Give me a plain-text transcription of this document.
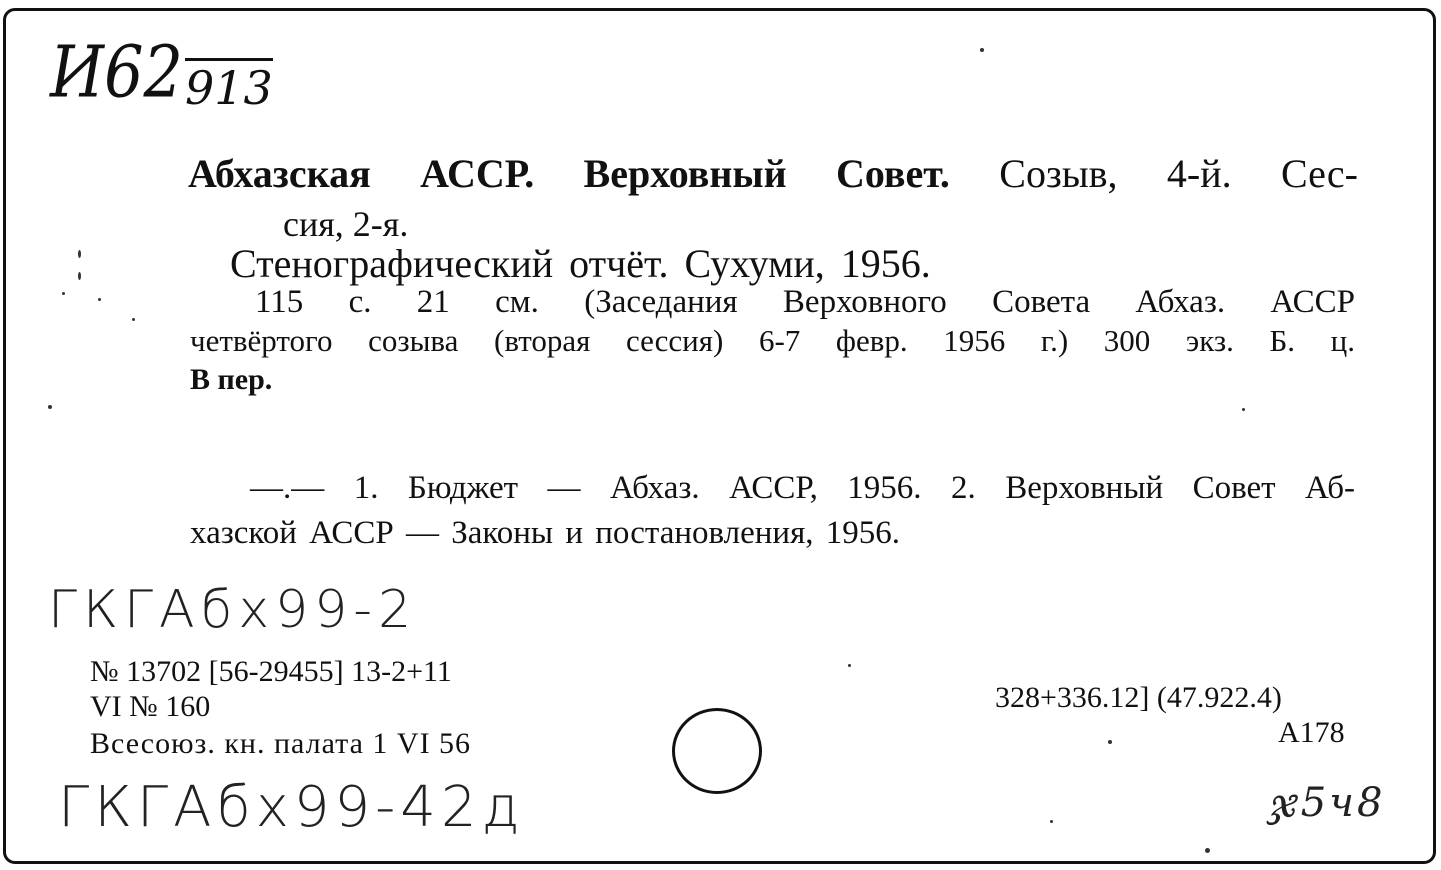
И62 913
Абхазская АССР. Верховный Совет. Созыв, 4-й. Сес-
сия, 2-я.
Стенографический отчёт. Сухуми, 1956.
115 с. 21 см. (Заседания Верховного Совета Абхаз. АССР
четвёртого созыва (вторая сессия) 6-7 февр. 1956 г.) 300 экз. Б. ц.
В пер.
—.— 1. Бюджет — Абхаз. АССР, 1956. 2. Верховный Совет Аб-
хазской АССР — Законы и постановления, 1956.
ГКГАбх99-2
№ 13702 [56-29455] 13-2+11
VI № 160
Всесоюз. кн. палата 1 VI 56
328+336.12] (47.922.4)
А178
ГКГАбх99-42д	ჯ5ч8
